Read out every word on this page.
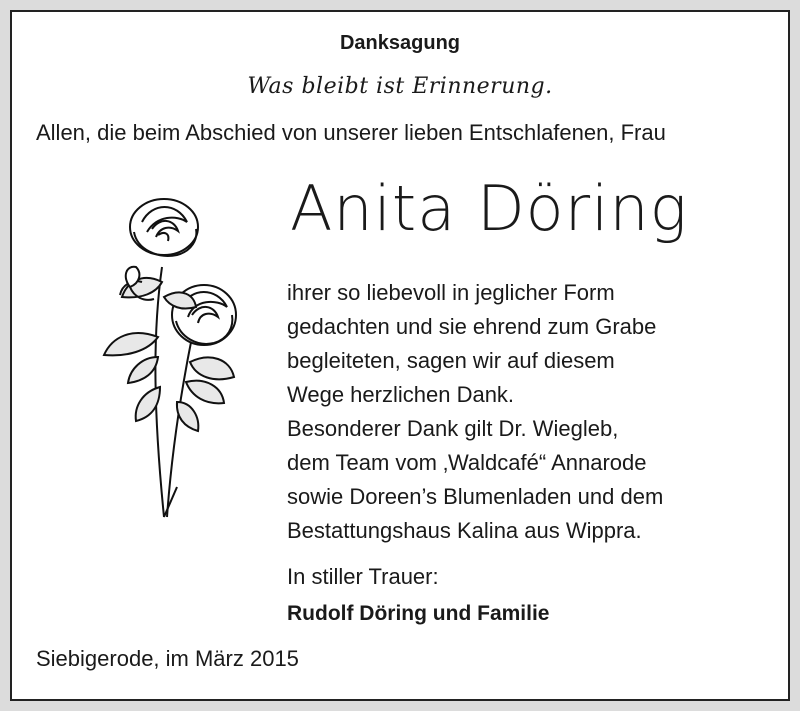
Danksagung
Was bleibt ist Erinnerung.
Allen, die beim Abschied von unserer lieben Entschlafenen, Frau
Anita Döring
ihrer so liebevoll in jeglicher Form
gedachten und sie ehrend zum Grabe
begleiteten, sagen wir auf diesem
Wege herzlichen Dank.
Besonderer Dank gilt Dr. Wiegleb,
dem Team vom ‚Waldcafé“ Annarode
sowie Doreen’s Blumenladen und dem
Bestattungshaus Kalina aus Wippra.
In stiller Trauer:
Rudolf Döring und Familie
Siebigerode, im März 2015
